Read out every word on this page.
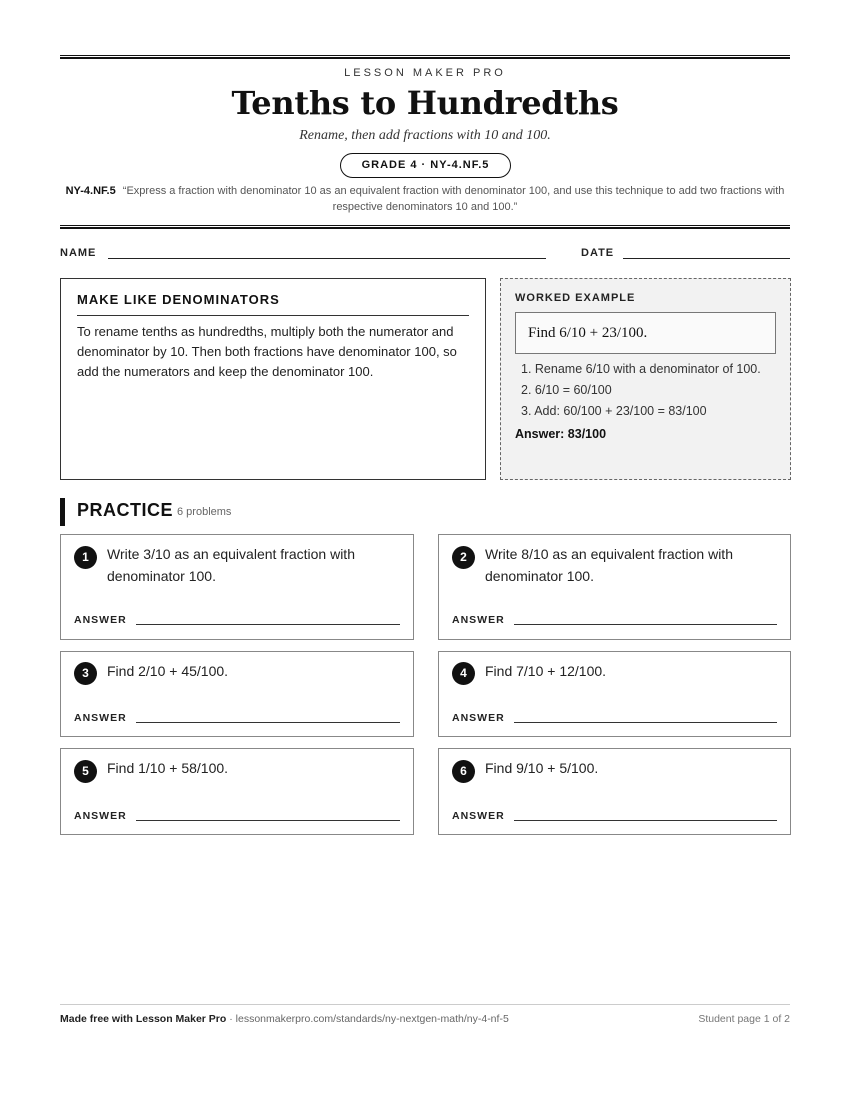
LESSON MAKER PRO
Tenths to Hundredths
Rename, then add fractions with 10 and 100.
GRADE 4 · NY-4.NF.5
NY-4.NF.5 “Express a fraction with denominator 10 as an equivalent fraction with denominator 100, and use this technique to add two fractions with respective denominators 10 and 100.”
NAME	DATE
MAKE LIKE DENOMINATORS
To rename tenths as hundredths, multiply both the numerator and denominator by 10. Then both fractions have denominator 100, so add the numerators and keep the denominator 100.
WORKED EXAMPLE
Find 6/10 + 23/100.
1. Rename 6/10 with a denominator of 100.
2. 6/10 = 60/100
3. Add: 60/100 + 23/100 = 83/100
Answer: 83/100
PRACTICE 6 problems
1	Write 3/10 as an equivalent fraction with denominator 100.
ANSWER
2	Write 8/10 as an equivalent fraction with denominator 100.
ANSWER
3	Find 2/10 + 45/100.
ANSWER
4	Find 7/10 + 12/100.
ANSWER
5	Find 1/10 + 58/100.
ANSWER
6	Find 9/10 + 5/100.
ANSWER
Made free with Lesson Maker Pro · lessonmakerpro.com/standards/ny-nextgen-math/ny-4-nf-5	Student page 1 of 2
